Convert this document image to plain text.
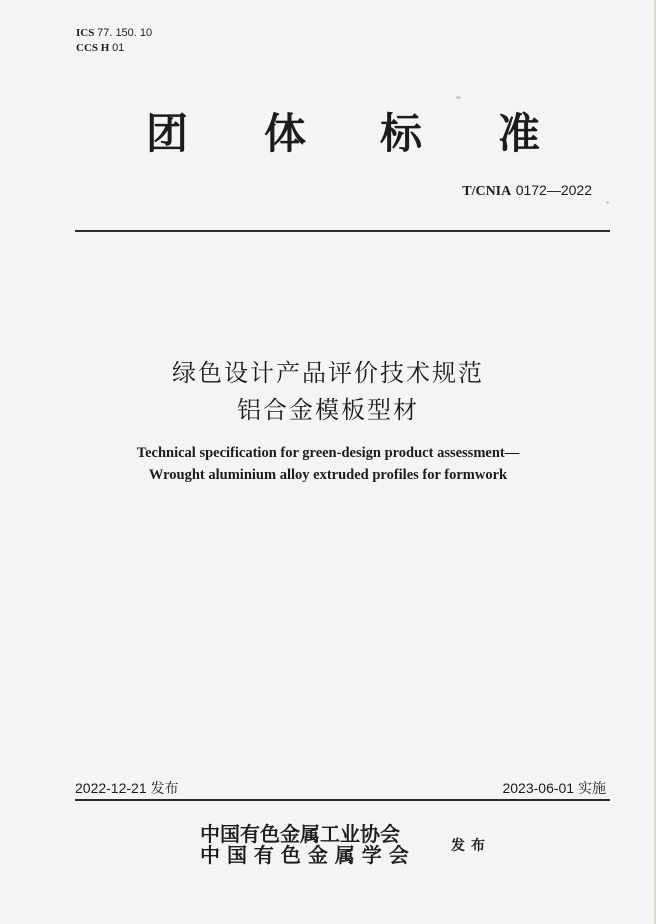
ICS 77. 150. 10
CCS H 01
团 体 标 准
T/CNIA 0172—2022
绿色设计产品评价技术规范
铝合金模板型材
Technical specification for green-design product assessment—
Wrought aluminium alloy extruded profiles for formwork
2022-12-21 发布	2023-06-01 实施
中国有色金属工业协会
中 国 有 色 金 属 学 会	发布
